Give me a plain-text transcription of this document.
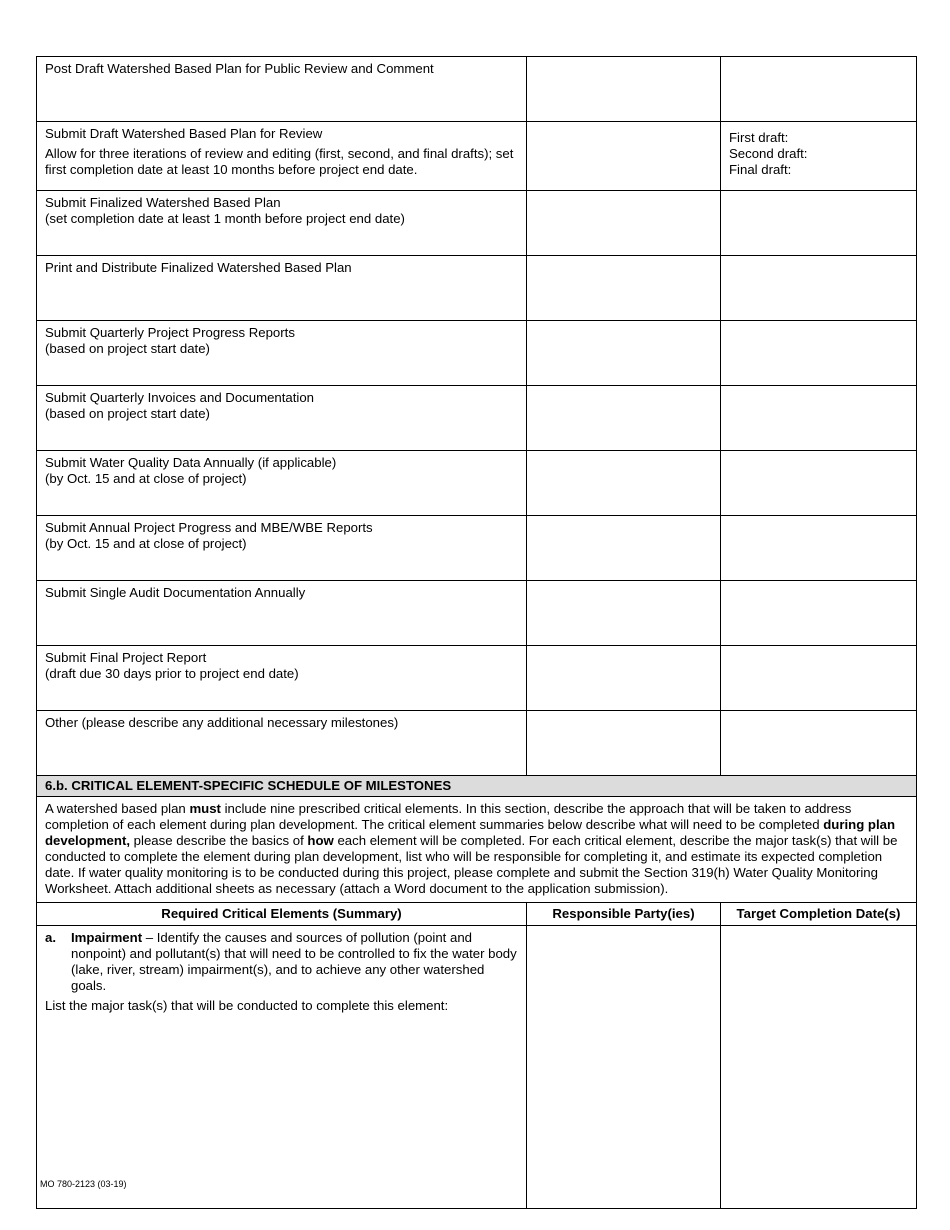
Post Draft Watershed Based Plan for Public Review and Comment		

Submit Draft Watershed Based Plan for Review
Allow for three iterations of review and editing (first, second, and final drafts); set first completion date at least 10 months before project end date.		First draft:
Second draft:
Final draft:

Submit Finalized Watershed Based Plan
(set completion date at least 1 month before project end date)		

Print and Distribute Finalized Watershed Based Plan		

Submit Quarterly Project Progress Reports
(based on project start date)		

Submit Quarterly Invoices and Documentation
(based on project start date)		

Submit Water Quality Data Annually (if applicable)
(by Oct. 15 and at close of project)		

Submit Annual Project Progress and MBE/WBE Reports
(by Oct. 15 and at close of project)		

Submit Single Audit Documentation Annually		

Submit Final Project Report
(draft due 30 days prior to project end date)		

Other (please describe any additional necessary milestones)		

6.b. CRITICAL ELEMENT-SPECIFIC SCHEDULE OF MILESTONES		
A watershed based plan must include nine prescribed critical elements. In this section, describe the approach that will be taken to address completion of each element during plan development. The critical element summaries below describe what will need to be completed during plan development, please describe the basics of how each element will be completed. For each critical element, describe the major task(s) that will be conducted to complete the element during plan development, list who will be responsible for completing it, and estimate its expected completion date. If water quality monitoring is to be conducted during this project, please complete and submit the Section 319(h) Water Quality Monitoring Worksheet. Attach additional sheets as necessary (attach a Word document to the application submission).		
Required Critical Elements (Summary)	Responsible Party(ies)	Target Completion Date(s)

a. Impairment – Identify the causes and sources of pollution (point and nonpoint) and pollutant(s) that will need to be controlled to fix the water body (lake, river, stream) impairment(s), and to achieve any other watershed goals.
List the major task(s) that will be conducted to complete this element:		

MO 780-2123 (03-19)
